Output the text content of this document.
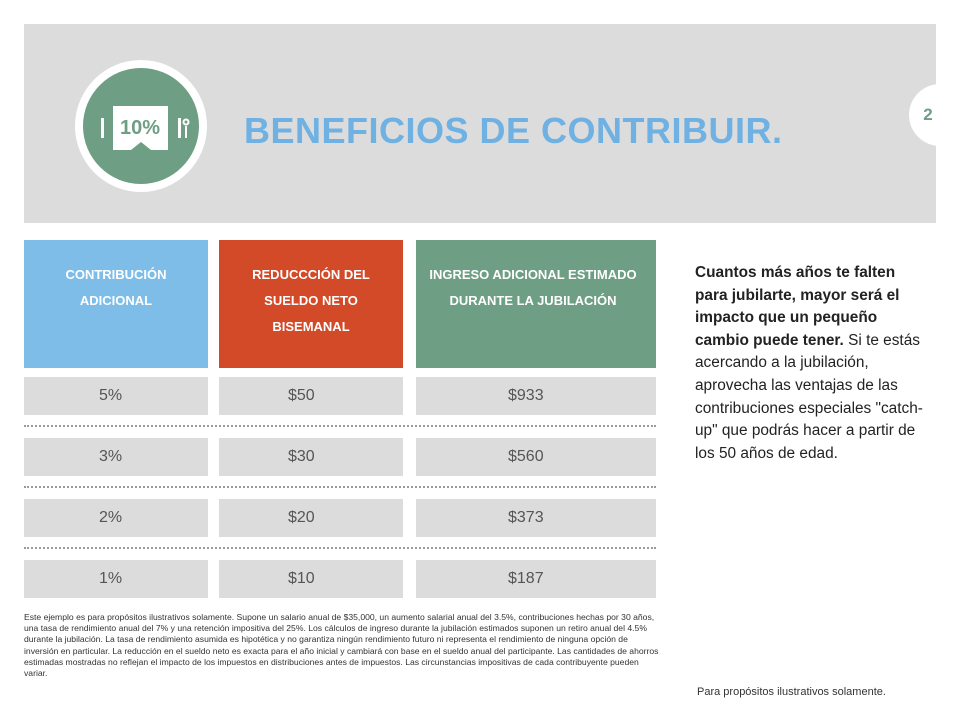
10%
2
BENEFICIOS DE CONTRIBUIR.
CONTRIBUCIÓN ADICIONAL
REDUCCCIÓN DEL SUELDO NETO BISEMANAL
INGRESO ADICIONAL ESTIMADO DURANTE LA JUBILACIÓN
5%	$50	$933
3%	$30	$560
2%	$20	$373
1%	$10	$187
Cuantos más años te falten para jubilarte, mayor será el impacto que un pequeño cambio puede tener. Si te estás acercando a la jubilación, aprovecha las ventajas de las contribuciones especiales "catch-up" que podrás hacer a partir de los 50 años de edad.
Este ejemplo es para propósitos ilustrativos solamente. Supone un salario anual de $35,000, un aumento salarial anual del 3.5%, contribuciones hechas por 30 años, una tasa de rendimiento anual del 7% y una retención impositiva del 25%. Los cálculos de ingreso durante la jubilación estimados suponen un retiro anual del 4.5% durante la jubilación. La tasa de rendimiento asumida es hipotética y no garantiza ningún rendimiento futuro ni representa el rendimiento de ninguna opción de inversión en particular. La reducción en el sueldo neto es exacta para el año inicial y cambiará con base en el sueldo anual del participante. Las cantidades de ahorros estimadas mostradas no reflejan el impacto de los impuestos en distribuciones antes de impuestos. Las circunstancias impositivas de cada contribuyente pueden variar.
Para propósitos ilustrativos solamente.
